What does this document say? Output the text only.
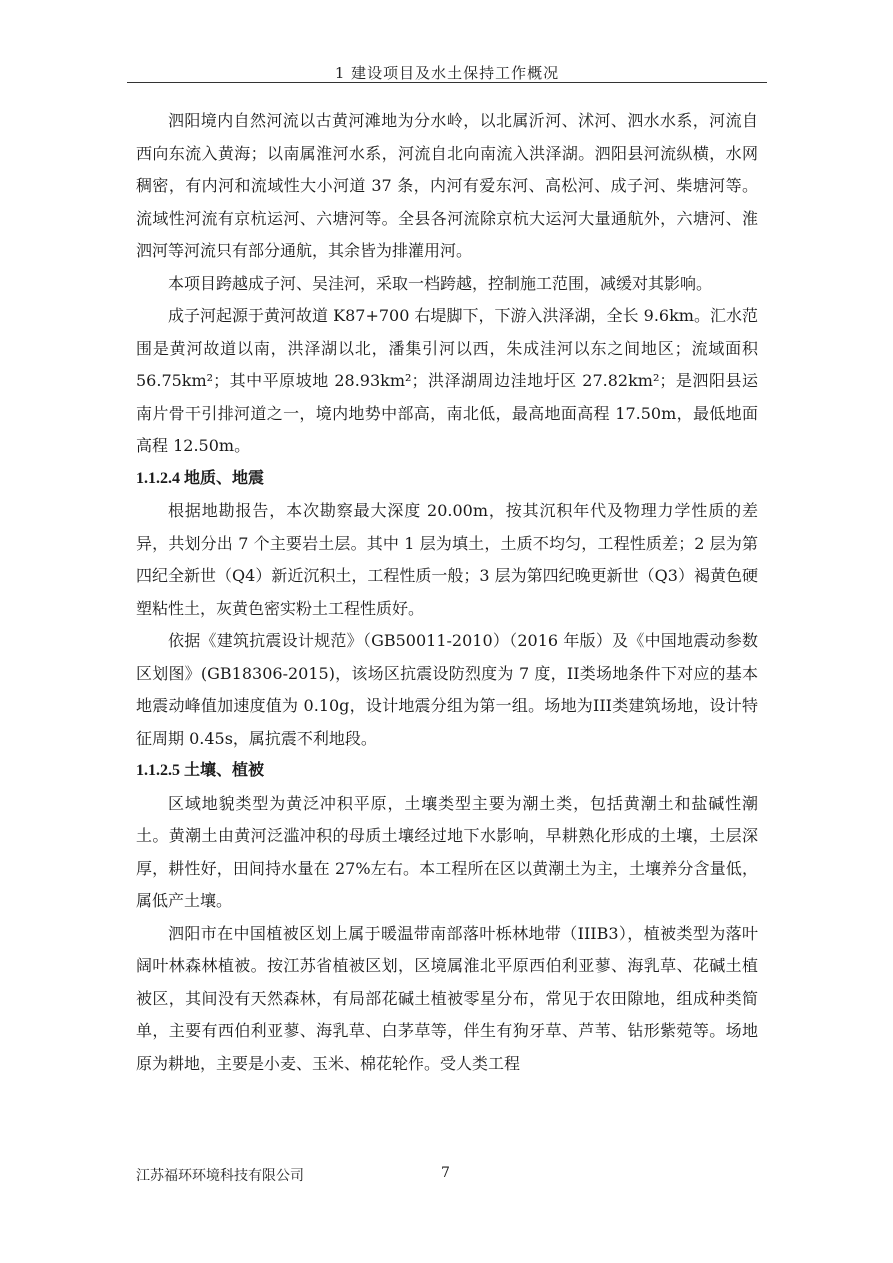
1 建设项目及水土保持工作概况

泗阳境内自然河流以古黄河滩地为分水岭，以北属沂河、沭河、泗水水系，河流自西向东流入黄海；以南属淮河水系，河流自北向南流入洪泽湖。泗阳县河流纵横，水网稠密，有内河和流域性大小河道 37 条，内河有爱东河、高松河、成子河、柴塘河等。流域性河流有京杭运河、六塘河等。全县各河流除京杭大运河大量通航外，六塘河、淮泗河等河流只有部分通航，其余皆为排灌用河。

本项目跨越成子河、吴洼河，采取一档跨越，控制施工范围，减缓对其影响。

成子河起源于黄河故道 K87+700 右堤脚下，下游入洪泽湖，全长 9.6km。汇水范围是黄河故道以南，洪泽湖以北，潘集引河以西，朱成洼河以东之间地区；流域面积 56.75km²；其中平原坡地 28.93km²；洪泽湖周边洼地圩区 27.82km²；是泗阳县运南片骨干引排河道之一，境内地势中部高，南北低，最高地面高程 17.50m，最低地面高程 12.50m。

1.1.2.4 地质、地震

根据地勘报告，本次勘察最大深度 20.00m，按其沉积年代及物理力学性质的差异，共划分出 7 个主要岩土层。其中 1 层为填土，土质不均匀，工程性质差；2 层为第四纪全新世（Q4）新近沉积土，工程性质一般；3 层为第四纪晚更新世（Q3）褐黄色硬塑粘性土，灰黄色密实粉土工程性质好。

依据《建筑抗震设计规范》（GB50011-2010）（2016 年版）及《中国地震动参数区划图》(GB18306-2015)，该场区抗震设防烈度为 7 度，II类场地条件下对应的基本地震动峰值加速度值为 0.10g，设计地震分组为第一组。场地为III类建筑场地，设计特征周期 0.45s，属抗震不利地段。

1.1.2.5 土壤、植被

区域地貌类型为黄泛冲积平原，土壤类型主要为潮土类，包括黄潮土和盐碱性潮土。黄潮土由黄河泛滥冲积的母质土壤经过地下水影响，早耕熟化形成的土壤，土层深厚，耕性好，田间持水量在 27%左右。本工程所在区以黄潮土为主，土壤养分含量低，属低产土壤。

泗阳市在中国植被区划上属于暖温带南部落叶栎林地带（IIIB3），植被类型为落叶阔叶林森林植被。按江苏省植被区划，区境属淮北平原西伯利亚蓼、海乳草、花碱土植被区，其间没有天然森林，有局部花碱土植被零星分布，常见于农田隙地，组成种类简单，主要有西伯利亚蓼、海乳草、白茅草等，伴生有狗牙草、芦苇、钻形紫菀等。场地原为耕地，主要是小麦、玉米、棉花轮作。受人类工程

江苏福环环境科技有限公司	7
